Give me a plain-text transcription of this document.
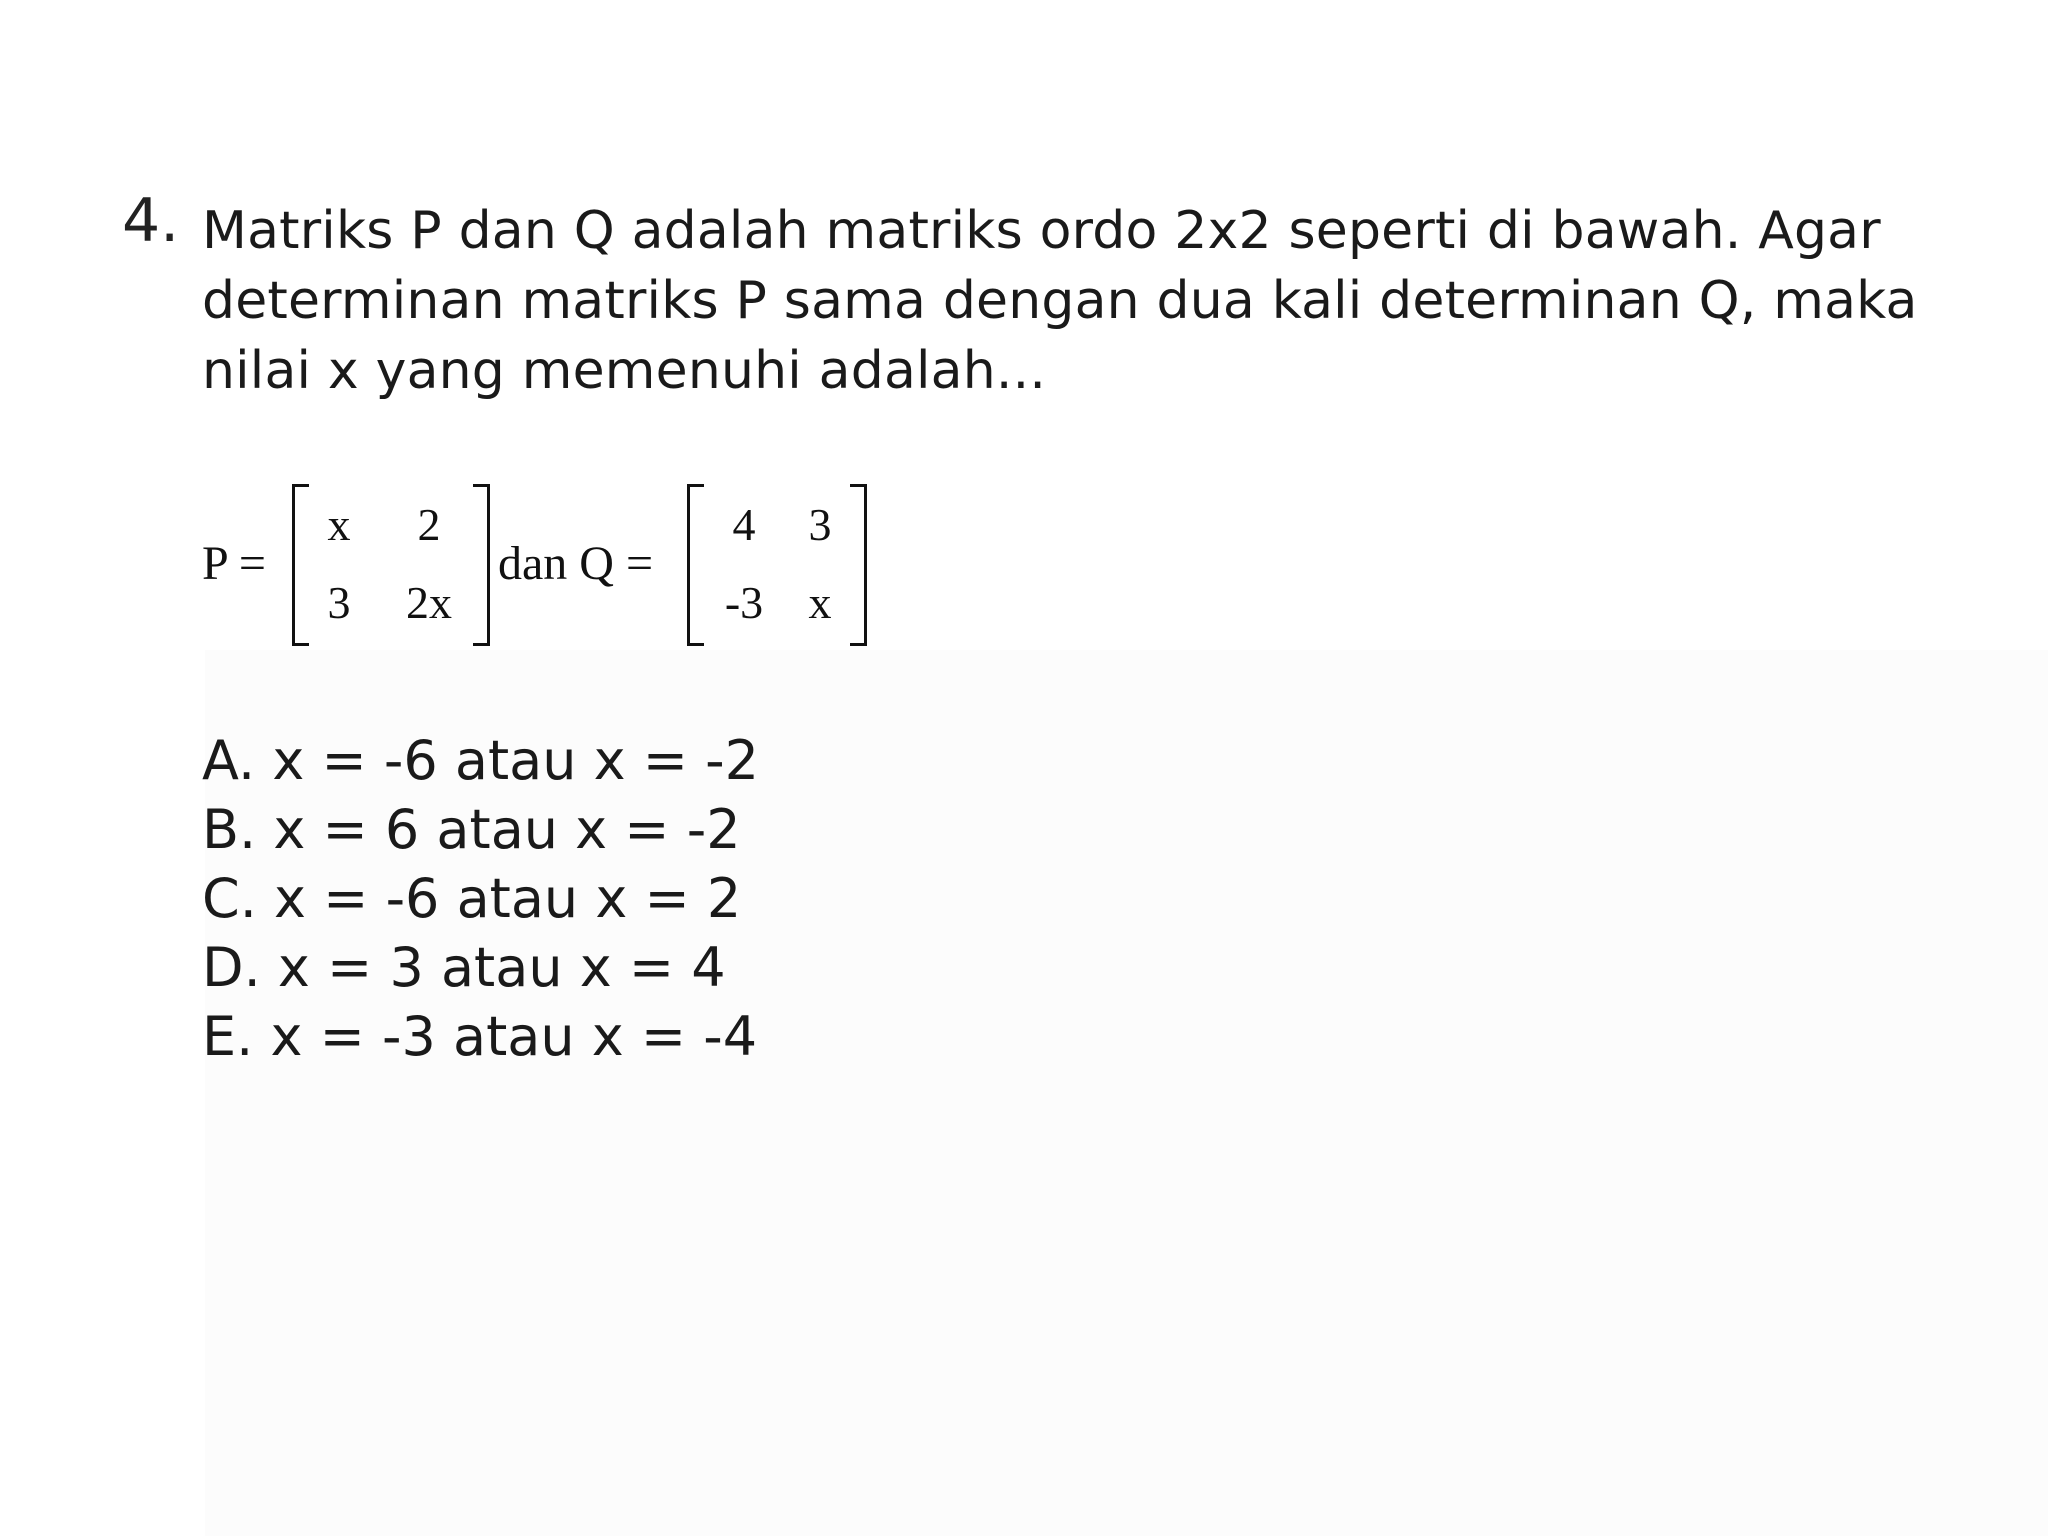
4. Matriks P dan Q adalah matriks ordo 2x2 seperti di bawah. Agar
determinan matriks P sama dengan dua kali determinan Q, maka
nilai x yang memenuhi adalah...
P =
x	2
3	2x
dan Q =
4	3
-3 x
A. x = -6 atau x = -2
B. x = 6 atau x = -2
C. x = -6 atau x = 2
D. x = 3 atau x = 4
E. x = -3 atau x = -4
